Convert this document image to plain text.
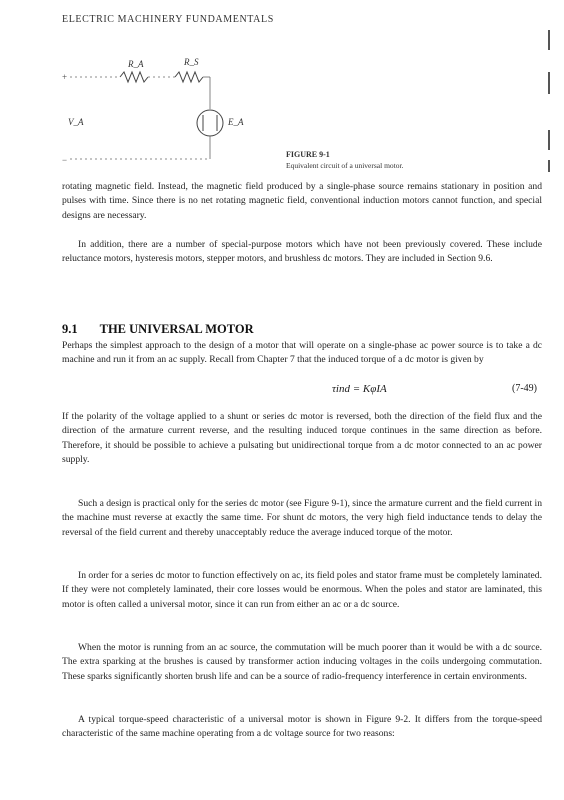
ELECTRIC MACHINERY FUNDAMENTALS
+
−
R_A	R_S
V_A	E_A
FIGURE 9-1
Equivalent circuit of a universal motor.

rotating magnetic field. Instead, the magnetic field produced by a single-phase source remains stationary in position and pulses with time. Since there is no net rotating magnetic field, conventional induction motors cannot function, and special designs are necessary.

In addition, there are a number of special-purpose motors which have not been previously covered. These include reluctance motors, hysteresis motors, stepper motors, and brushless dc motors. They are included in Section 9.6.

9.1 THE UNIVERSAL MOTOR

Perhaps the simplest approach to the design of a motor that will operate on a single-phase ac power source is to take a dc machine and run it from an ac supply. Recall from Chapter 7 that the induced torque of a dc motor is given by

τind = KφIA	(7-49)

If the polarity of the voltage applied to a shunt or series dc motor is reversed, both the direction of the field flux and the direction of the armature current reverse, and the resulting induced torque continues in the same direction as before. Therefore, it should be possible to achieve a pulsating but unidirectional torque from a dc motor connected to an ac power supply.

Such a design is practical only for the series dc motor (see Figure 9-1), since the armature current and the field current in the machine must reverse at exactly the same time. For shunt dc motors, the very high field inductance tends to delay the reversal of the field current and thereby unacceptably reduce the average induced torque of the motor.

In order for a series dc motor to function effectively on ac, its field poles and stator frame must be completely laminated. If they were not completely laminated, their core losses would be enormous. When the poles and stator are laminated, this motor is often called a universal motor, since it can run from either an ac or a dc source.

When the motor is running from an ac source, the commutation will be much poorer than it would be with a dc source. The extra sparking at the brushes is caused by transformer action inducing voltages in the coils undergoing commutation. These sparks significantly shorten brush life and can be a source of radio-frequency interference in certain environments.

A typical torque-speed characteristic of a universal motor is shown in Figure 9-2. It differs from the torque-speed characteristic of the same machine operating from a dc voltage source for two reasons:
